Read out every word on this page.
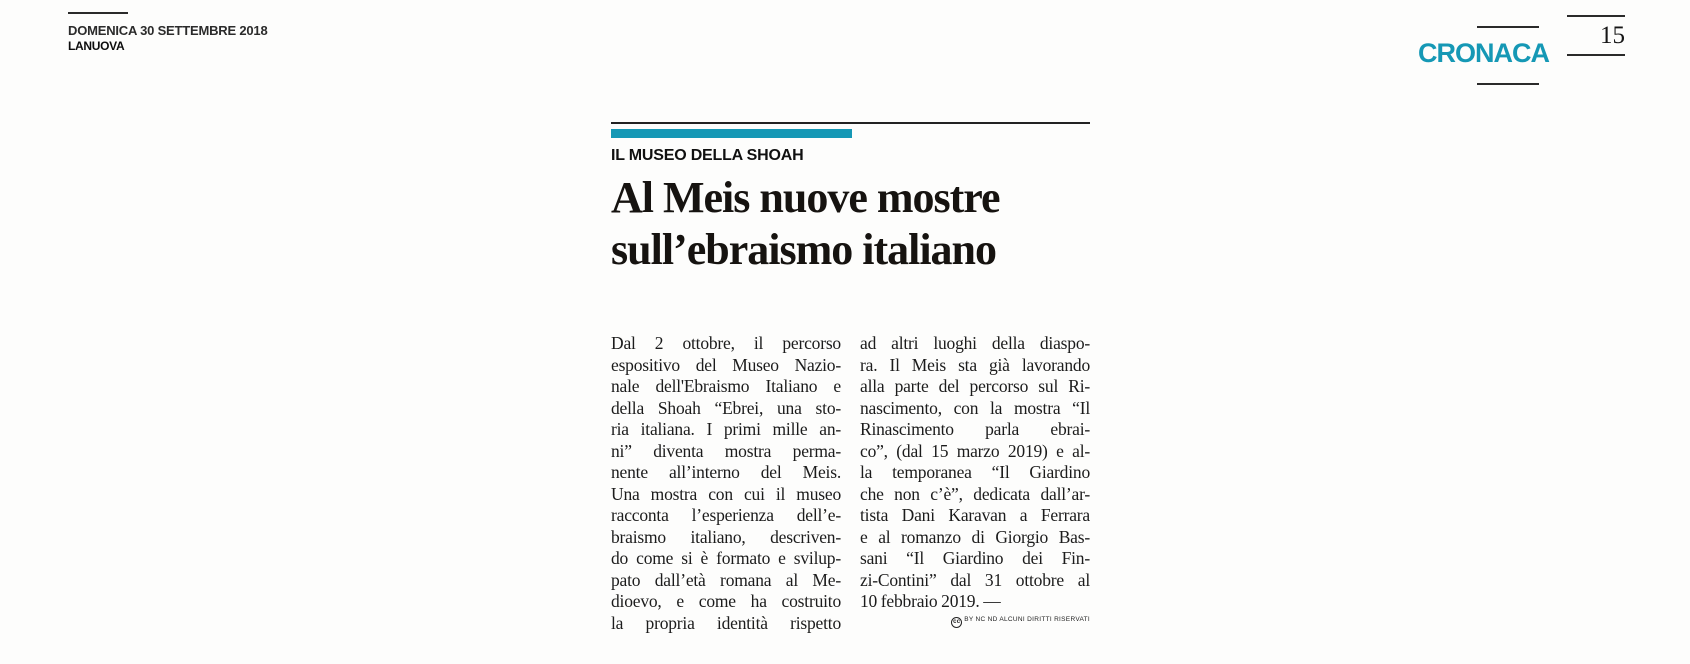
DOMENICA 30 SETTEMBRE 2018
LANUOVA	CRONACA
15
IL MUSEO DELLA SHOAH
Al Meis nuove mostre
sull’ebraismo italiano
Dal 2 ottobre, il percorso
espositivo del Museo Nazio-
nale dell'Ebraismo Italiano e
della Shoah “Ebrei, una sto-
ria italiana. I primi mille an-
ni” diventa mostra perma-
nente all’interno del Meis.
Una mostra con cui il museo
racconta l’esperienza dell’e-
braismo italiano, descriven-
do come si è formato e svilup-
pato dall’età romana al Me-
dioevo, e come ha costruito
la propria identità rispetto
ad altri luoghi della diaspo-
ra. Il Meis sta già lavorando
alla parte del percorso sul Ri-
nascimento, con la mostra “Il
Rinascimento parla ebrai-
co”, (dal 15 marzo 2019) e al-
la temporanea “Il Giardino
che non c’è”, dedicata dall’ar-
tista Dani Karavan a Ferrara
e al romanzo di Giorgio Bas-
sani “Il Giardino dei Fin-
zi-Contini” dal 31 ottobre al
10 febbraio 2019. —
cc BY NC ND ALCUNI DIRITTI RISERVATI
